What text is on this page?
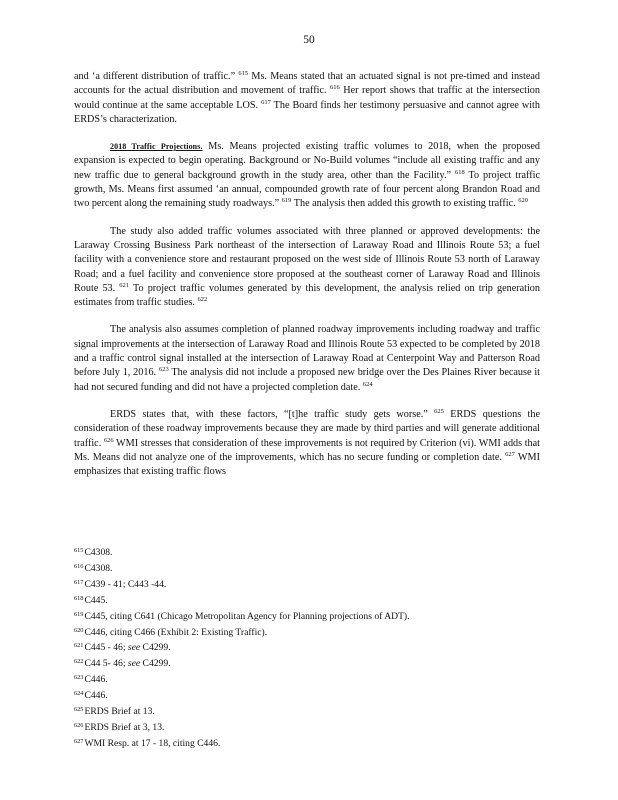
50

and ‘a different distribution of traffic.” $^{615}$ Ms. Means stated that an actuated signal is not pre-timed and instead accounts for the actual distribution and movement of traffic. $^{616}$ Her report shows that traffic at the intersection would continue at the same acceptable LOS. $^{617}$ The Board finds her testimony persuasive and cannot agree with ERDS’s characterization.

2018 Traffic Projections. Ms. Means projected existing traffic volumes to 2018, when the proposed expansion is expected to begin operating. Background or No-Build volumes “include all existing traffic and any new traffic due to general background growth in the study area, other than the Facility.” $^{618}$ To project traffic growth, Ms. Means first assumed ‘an annual, compounded growth rate of four percent along Brandon Road and two percent along the remaining study roadways.” $^{619}$ The analysis then added this growth to existing traffic. $^{620}$

The study also added traffic volumes associated with three planned or approved developments: the Laraway Crossing Business Park northeast of the intersection of Laraway Road and Illinois Route 53; a fuel facility with a convenience store and restaurant proposed on the west side of Illinois Route 53 north of Laraway Road; and a fuel facility and convenience store proposed at the southeast corner of Laraway Road and Illinois Route 53. $^{621}$ To project traffic volumes generated by this development, the analysis relied on trip generation estimates from traffic studies. $^{622}$

The analysis also assumes completion of planned roadway improvements including roadway and traffic signal improvements at the intersection of Laraway Road and Illinois Route 53 expected to be completed by 2018 and a traffic control signal installed at the intersection of Laraway Road at Centerpoint Way and Patterson Road before July 1, 2016. $^{623}$ The analysis did not include a proposed new bridge over the Des Plaines River because it had not secured funding and did not have a projected completion date. $^{624}$

ERDS states that, with these factors, “[t]he traffic study gets worse.” $^{625}$ ERDS questions the consideration of these roadway improvements because they are made by third parties and will generate additional traffic. $^{626}$ WMI stresses that consideration of these improvements is not required by Criterion (vi). WMI adds that Ms. Means did not analyze one of the improvements, which has no secure funding or completion date. $^{627}$ WMI emphasizes that existing traffic flows

$^{615}$C4308.

$^{616}$C4308.

$^{617}$C439 - 41; C443 -44.

$^{618}$C445.

$^{619}$C445, citing C641 (Chicago Metropolitan Agency for Planning projections of ADT).

$^{620}$C446, citing C466 (Exhibit 2: Existing Traffic).

$^{621}$C445 - 46; see C4299.

$^{622}$C44 5- 46; see C4299.

$^{623}$C446.

$^{624}$C446.

$^{625}$ERDS Brief at 13.

$^{626}$ERDS Brief at 3, 13.

$^{627}$WMI Resp. at 17 - 18, citing C446.
